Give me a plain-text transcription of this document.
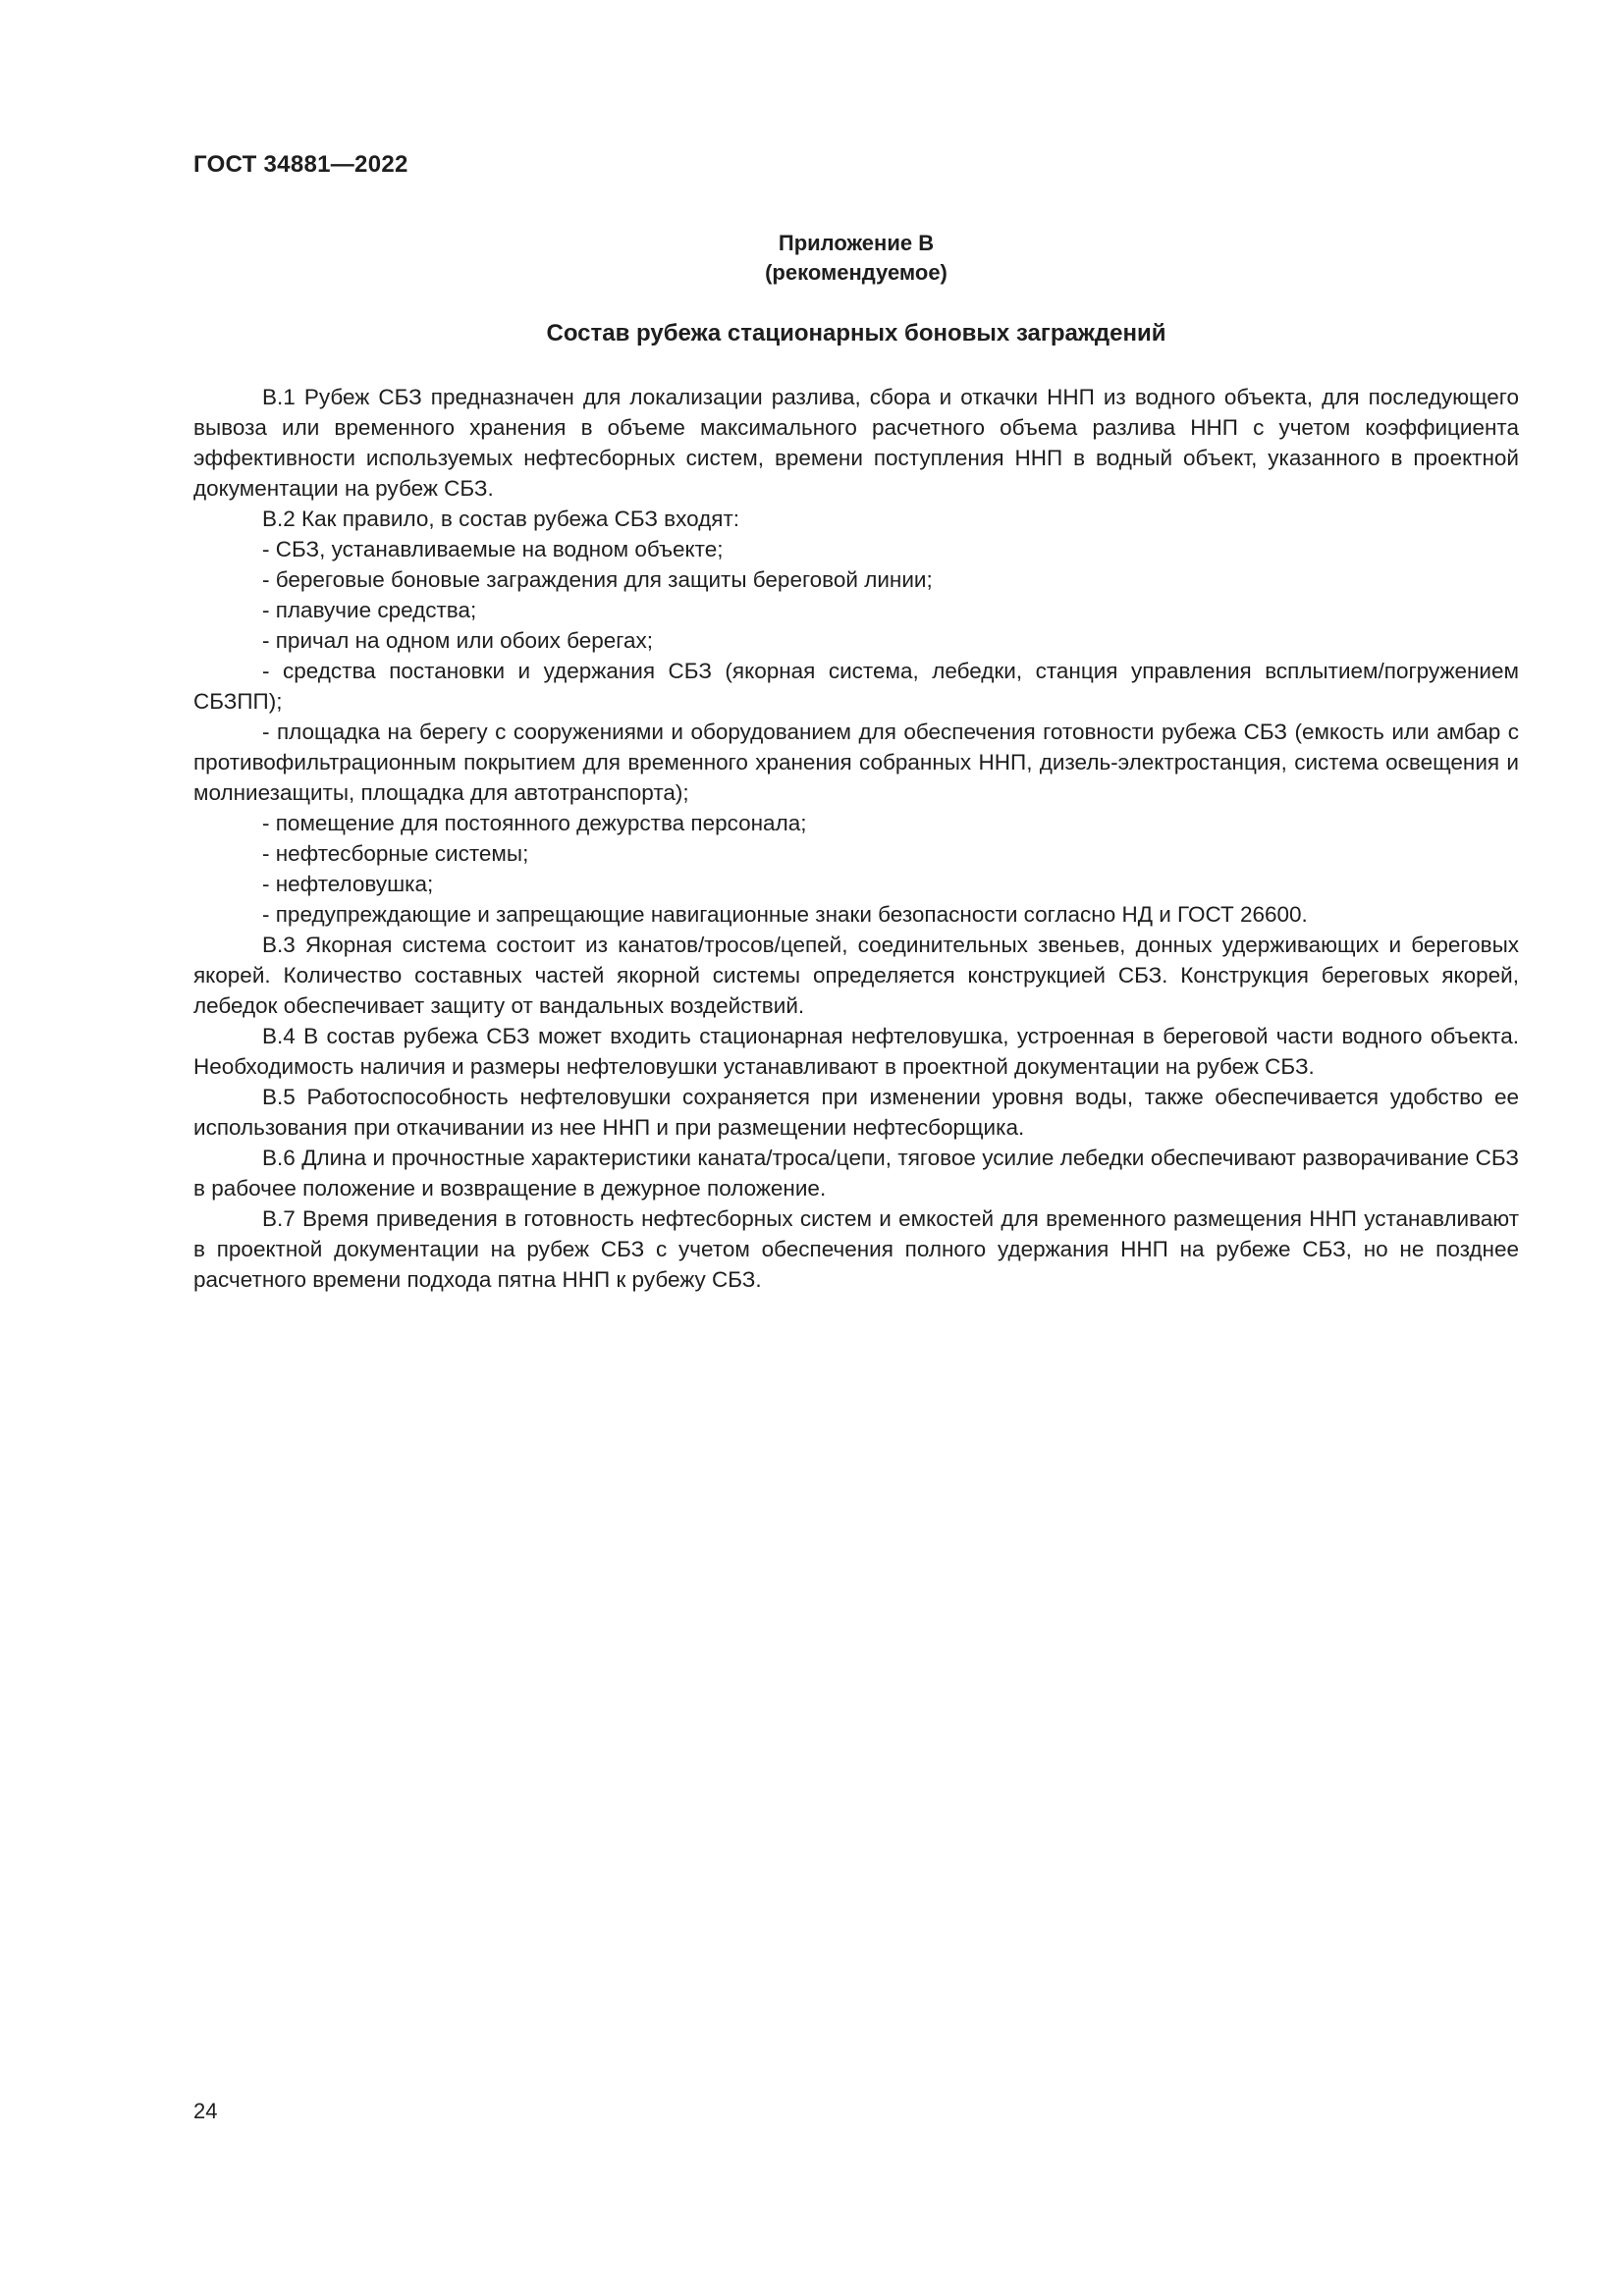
ГОСТ 34881—2022
Приложение В
(рекомендуемое)
Состав рубежа стационарных боновых заграждений

В.1 Рубеж СБЗ предназначен для локализации разлива, сбора и откачки ННП из водного объекта, для последующего вывоза или временного хранения в объеме максимального расчетного объема разлива ННП с учетом коэффициента эффективности используемых нефтесборных систем, времени поступления ННП в водный объект, указанного в проектной документации на рубеж СБЗ.

В.2 Как правило, в состав рубежа СБЗ входят:

- СБЗ, устанавливаемые на водном объекте;

- береговые боновые заграждения для защиты береговой линии;

- плавучие средства;

- причал на одном или обоих берегах;

- средства постановки и удержания СБЗ (якорная система, лебедки, станция управления всплытием/погружением СБЗПП);

- площадка на берегу с сооружениями и оборудованием для обеспечения готовности рубежа СБЗ (емкость или амбар с противофильтрационным покрытием для временного хранения собранных ННП, дизель-электростанция, система освещения и молниезащиты, площадка для автотранспорта);

- помещение для постоянного дежурства персонала;

- нефтесборные системы;

- нефтеловушка;

- предупреждающие и запрещающие навигационные знаки безопасности согласно НД и ГОСТ 26600.

В.3 Якорная система состоит из канатов/тросов/цепей, соединительных звеньев, донных удерживающих и береговых якорей. Количество составных частей якорной системы определяется конструкцией СБЗ. Конструкция береговых якорей, лебедок обеспечивает защиту от вандальных воздействий.

В.4 В состав рубежа СБЗ может входить стационарная нефтеловушка, устроенная в береговой части водного объекта. Необходимость наличия и размеры нефтеловушки устанавливают в проектной документации на рубеж СБЗ.

В.5 Работоспособность нефтеловушки сохраняется при изменении уровня воды, также обеспечивается удобство ее использования при откачивании из нее ННП и при размещении нефтесборщика.

В.6 Длина и прочностные характеристики каната/троса/цепи, тяговое усилие лебедки обеспечивают разворачивание СБЗ в рабочее положение и возвращение в дежурное положение.

В.7 Время приведения в готовность нефтесборных систем и емкостей для временного размещения ННП устанавливают в проектной документации на рубеж СБЗ с учетом обеспечения полного удержания ННП на рубеже СБЗ, но не позднее расчетного времени подхода пятна ННП к рубежу СБЗ.

24
